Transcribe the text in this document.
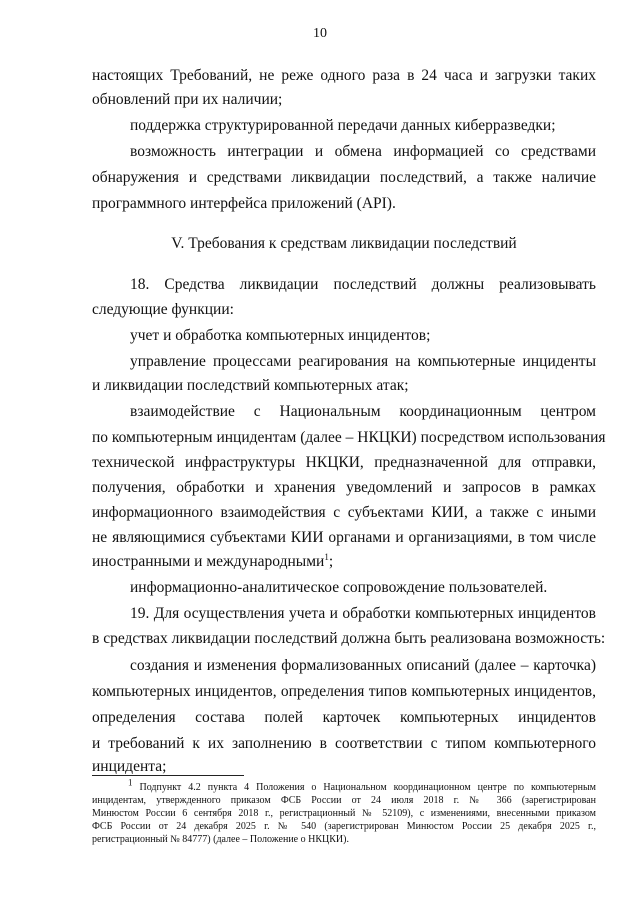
10
настоящих Требований, не реже одного раза в 24 часа и загрузки таких
обновлений при их наличии;
поддержка структурированной передачи данных киберразведки;
возможность интеграции и обмена информацией со средствами
обнаружения и средствами ликвидации последствий, а также наличие
программного интерфейса приложений (API).
V. Требования к средствам ликвидации последствий
18. Средства ликвидации последствий должны реализовывать
следующие функции:
учет и обработка компьютерных инцидентов;
управление процессами реагирования на компьютерные инциденты
и ликвидации последствий компьютерных атак;
взаимодействие с Национальным координационным центром
по компьютерным инцидентам (далее – НКЦКИ) посредством использования
технической инфраструктуры НКЦКИ, предназначенной для отправки,
получения, обработки и хранения уведомлений и запросов в рамках
информационного взаимодействия с субъектами КИИ, а также с иными
не являющимися субъектами КИИ органами и организациями, в том числе
иностранными и международными$^1$;
информационно-аналитическое сопровождение пользователей.
19. Для осуществления учета и обработки компьютерных инцидентов
в средствах ликвидации последствий должна быть реализована возможность:
создания и изменения формализованных описаний (далее – карточка)
компьютерных инцидентов, определения типов компьютерных инцидентов,
определения состава полей карточек компьютерных инцидентов
и требований к их заполнению в соответствии с типом компьютерного
инцидента;
$^1$ Подпункт 4.2 пункта 4 Положения о Национальном координационном центре по компьютерным
инцидентам, утвержденного приказом ФСБ России от 24 июля 2018 г. № 366 (зарегистрирован
Минюстом России 6 сентября 2018 г., регистрационный № 52109), с изменениями, внесенными приказом
ФСБ России от 24 декабря 2025 г. № 540 (зарегистрирован Минюстом России 25 декабря 2025 г.,
регистрационный № 84777) (далее – Положение о НКЦКИ).
